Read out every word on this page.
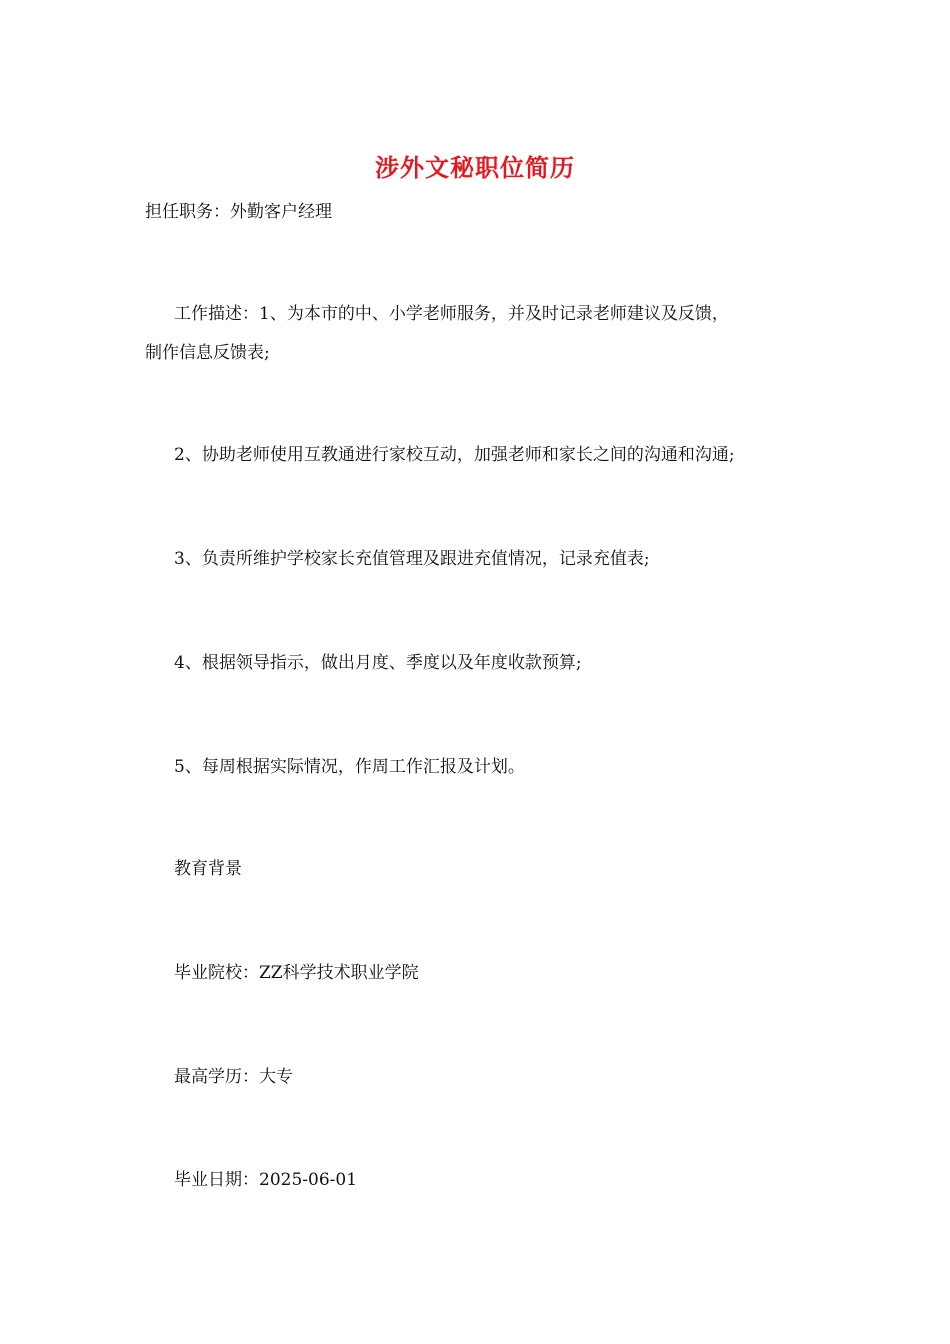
涉外文秘职位简历
担任职务：外勤客户经理
工作描述：1、为本市的中、小学老师服务，并及时记录老师建议及反馈，
制作信息反馈表;
2、协助老师使用互教通进行家校互动，加强老师和家长之间的沟通和沟通;
3、负责所维护学校家长充值管理及跟进充值情况，记录充值表;
4、根据领导指示，做出月度、季度以及年度收款预算;
5、每周根据实际情况，作周工作汇报及计划。
教育背景
毕业院校：ZZ科学技术职业学院
最高学历：大专
毕业日期：2025-06-01
